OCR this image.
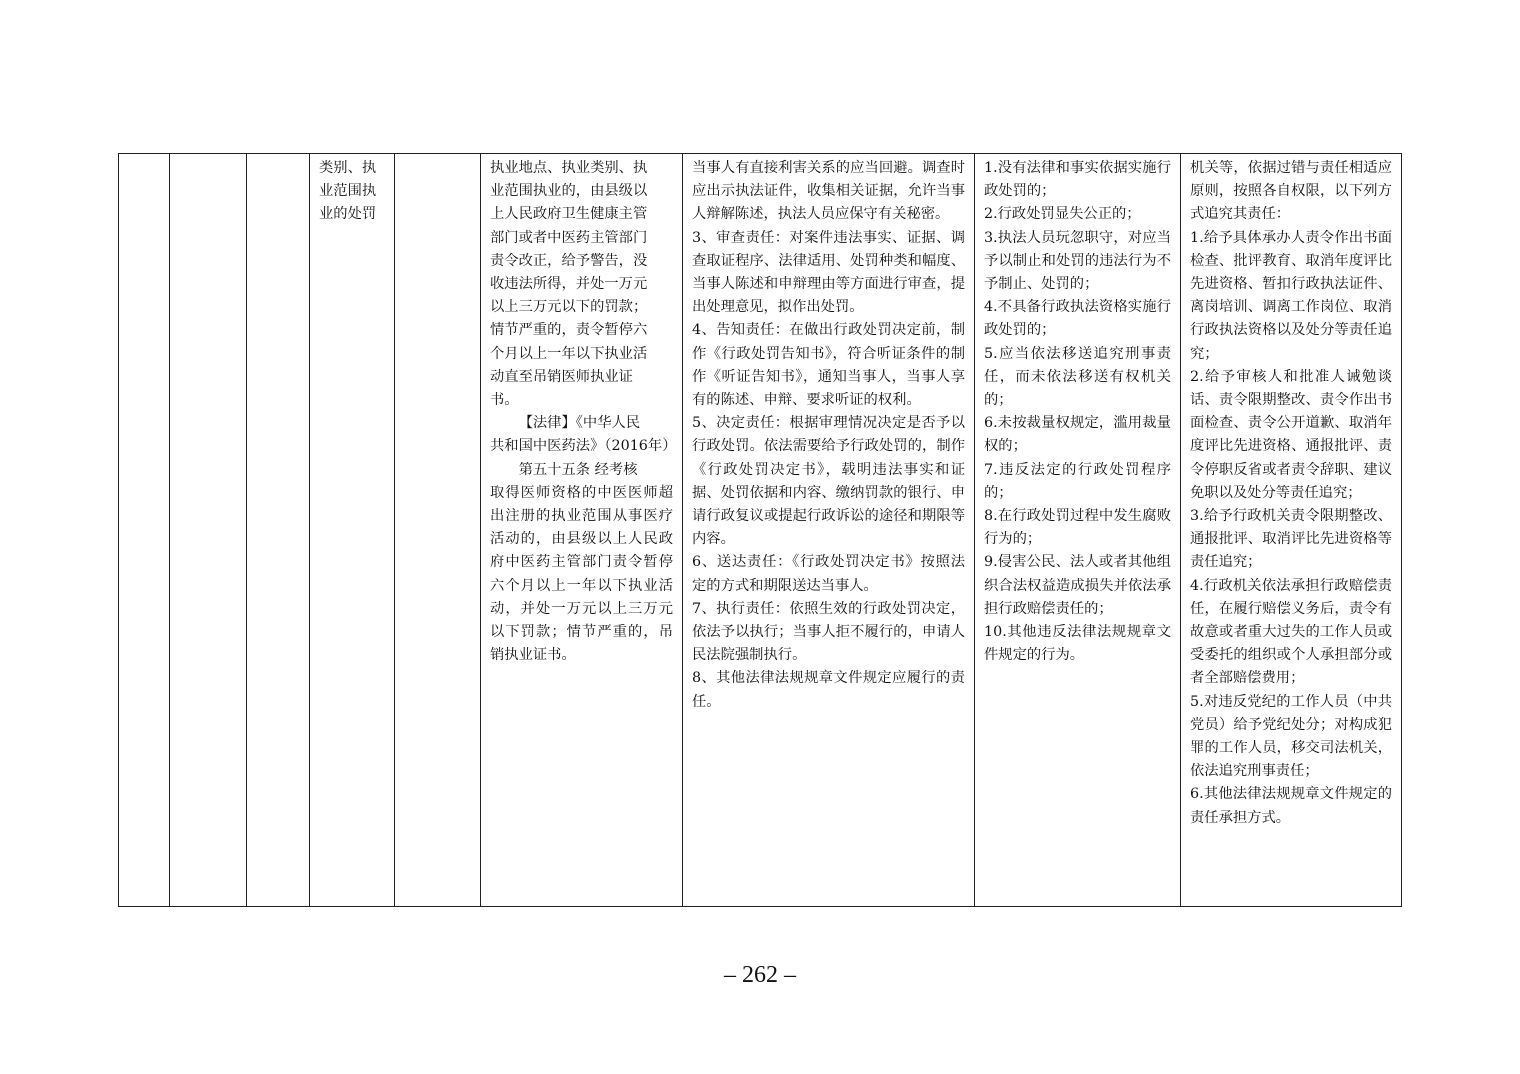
类别、执
业范围执
业的处罚

执业地点、执业类别、执
业范围执业的，由县级以
上人民政府卫生健康主管
部门或者中医药主管部门
责令改正，给予警告，没
收违法所得，并处一万元
以上三万元以下的罚款；
情节严重的，责令暂停六
个月以上一年以下执业活
动直至吊销医师执业证
书。
【法律】《中华人民
共和国中医药法》（2016年）
第五十五条 经考核
取得医师资格的中医医师超出注册的执业范围从事医疗活动的，由县级以上人民政府中医药主管部门责令暂停六个月以上一年以下执业活动，并处一万元以上三万元以下罚款；情节严重的，吊销执业证书。

当事人有直接利害关系的应当回避。调查时应出示执法证件，收集相关证据，允许当事人辩解陈述，执法人员应保守有关秘密。
3、审查责任：对案件违法事实、证据、调查取证程序、法律适用、处罚种类和幅度、当事人陈述和申辩理由等方面进行审查，提出处理意见，拟作出处罚。
4、告知责任：在做出行政处罚决定前，制作《行政处罚告知书》，符合听证条件的制作《听证告知书》，通知当事人，当事人享有的陈述、申辩、要求听证的权利。
5、决定责任：根据审理情况决定是否予以行政处罚。依法需要给予行政处罚的，制作《行政处罚决定书》，载明违法事实和证据、处罚依据和内容、缴纳罚款的银行、申请行政复议或提起行政诉讼的途径和期限等内容。
6、送达责任：《行政处罚决定书》按照法定的方式和期限送达当事人。
7、执行责任：依照生效的行政处罚决定，依法予以执行；当事人拒不履行的，申请人民法院强制执行。
8、其他法律法规规章文件规定应履行的责任。

1.没有法律和事实依据实施行政处罚的；
2.行政处罚显失公正的；
3.执法人员玩忽职守，对应当予以制止和处罚的违法行为不予制止、处罚的；
4.不具备行政执法资格实施行政处罚的；
5.应当依法移送追究刑事责任，而未依法移送有权机关的；
6.未按裁量权规定，滥用裁量权的；
7.违反法定的行政处罚程序的；
8.在行政处罚过程中发生腐败行为的；
9.侵害公民、法人或者其他组织合法权益造成损失并依法承担行政赔偿责任的；
10.其他违反法律法规规章文件规定的行为。

机关等，依据过错与责任相适应原则，按照各自权限，以下列方式追究其责任：
1.给予具体承办人责令作出书面检查、批评教育、取消年度评比先进资格、暂扣行政执法证件、离岗培训、调离工作岗位、取消行政执法资格以及处分等责任追究；
2.给予审核人和批准人诫勉谈话、责令限期整改、责令作出书面检查、责令公开道歉、取消年度评比先进资格、通报批评、责令停职反省或者责令辞职、建议免职以及处分等责任追究；
3.给予行政机关责令限期整改、通报批评、取消评比先进资格等责任追究；
4.行政机关依法承担行政赔偿责任，在履行赔偿义务后，责令有故意或者重大过失的工作人员或受委托的组织或个人承担部分或者全部赔偿费用；
5.对违反党纪的工作人员（中共党员）给予党纪处分；对构成犯罪的工作人员，移交司法机关，依法追究刑事责任；
6.其他法律法规规章文件规定的责任承担方式。
– 262 –
